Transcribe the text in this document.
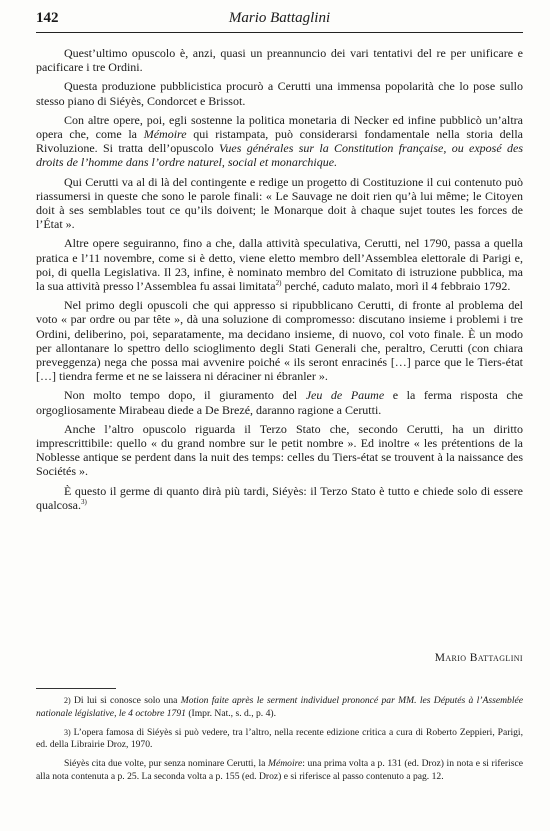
142	Mario Battaglini

Quest’ultimo opuscolo è, anzi, quasi un preannuncio dei vari tentativi del re per unificare e pacificare i tre Ordini.

Questa produzione pubblicistica procurò a Cerutti una immensa popolarità che lo pose sullo stesso piano di Siéyès, Condorcet e Brissot.

Con altre opere, poi, egli sostenne la politica monetaria di Necker ed infine pubblicò un’altra opera che, come la Mémoire qui ristampata, può considerarsi fondamentale nella storia della Rivoluzione. Si tratta dell’opuscolo Vues générales sur la Constitution française, ou exposé des droits de l’homme dans l’ordre naturel, social et monarchique.

Qui Cerutti va al di là del contingente e redige un progetto di Costituzione il cui contenuto può riassumersi in queste che sono le parole finali: « Le Sauvage ne doit rien qu’à lui même; le Citoyen doit à ses semblables tout ce qu’ils doivent; le Monarque doit à chaque sujet toutes les forces de l’État ».

Altre opere seguiranno, fino a che, dalla attività speculativa, Cerutti, nel 1790, passa a quella pratica e l’11 novembre, come si è detto, viene eletto membro dell’Assemblea elettorale di Parigi e, poi, di quella Legislativa. Il 23, infine, è nominato membro del Comitato di istruzione pubblica, ma la sua attività presso l’Assemblea fu assai limitata$^{2)}$ perché, caduto malato, morì il 4 febbraio 1792.

Nel primo degli opuscoli che qui appresso si ripubblicano Cerutti, di fronte al problema del voto « par ordre ou par tête », dà una soluzione di compromesso: discutano insieme i problemi i tre Ordini, deliberino, poi, separatamente, ma decidano insieme, di nuovo, col voto finale. È un modo per allontanare lo spettro dello scioglimento degli Stati Generali che, peraltro, Cerutti (con chiara preveggenza) nega che possa mai avvenire poiché « ils seront enracinés […] parce que le Tiers-état […] tiendra ferme et ne se laissera ni déraciner ni ébranler ».

Non molto tempo dopo, il giuramento del Jeu de Paume e la ferma risposta che orgogliosamente Mirabeau diede a De Brezé, daranno ragione a Cerutti.

Anche l’altro opuscolo riguarda il Terzo Stato che, secondo Cerutti, ha un diritto imprescrittibile: quello « du grand nombre sur le petit nombre ». Ed inoltre « les prétentions de la Noblesse antique se perdent dans la nuit des temps: celles du Tiers-état se trouvent à la naissance des Sociétés ».

È questo il germe di quanto dirà più tardi, Siéyès: il Terzo Stato è tutto e chiede solo di essere qualcosa.$^{3)}$

Mario Battaglini

2) Di lui si conosce solo una Motion faite après le serment individuel prononcé par MM. les Députés à l’Assemblée nationale législative, le 4 octobre 1791 (Impr. Nat., s. d., p. 4).

3) L’opera famosa di Siéyès si può vedere, tra l’altro, nella recente edizione critica a cura di Roberto Zeppieri, Parigi, ed. della Librairie Droz, 1970.

Siéyès cita due volte, pur senza nominare Cerutti, la Mémoire: una prima volta a p. 131 (ed. Droz) in nota e si riferisce alla nota contenuta a p. 25. La seconda volta a p. 155 (ed. Droz) e si riferisce al passo contenuto a pag. 12.
